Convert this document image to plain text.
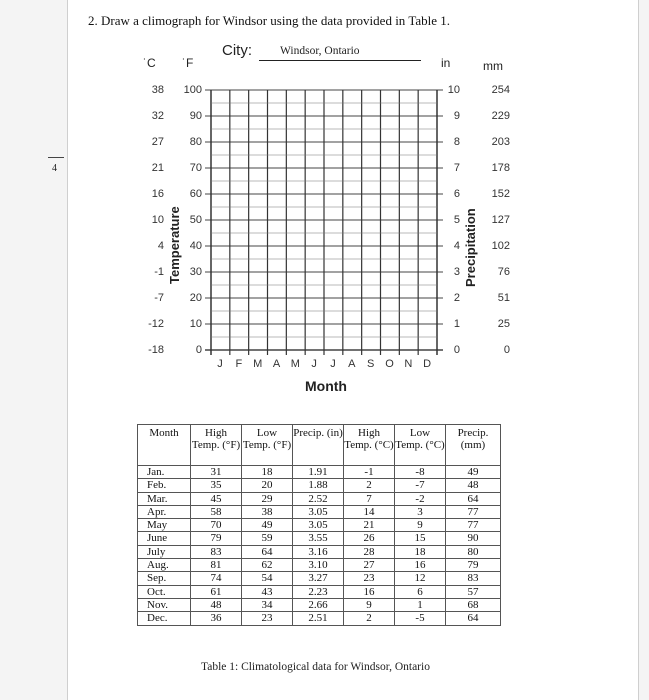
4
2. Draw a climograph for Windsor using the data provided in Table 1.
City: Windsor, Ontario
˙C ˙F	in	mm
38
32
27
21
16
10
4
-1
-7
-12
-18
100
90
80
70
60
50
40
30
20
10
0
10
9
8
7
6
5
4
3
2
1
0
254
229
203
178
152
127
102
76
51
25
0
Temperature	Precipitation
J F M A M J J A S O N D
Month
Month	High Temp. (°F)	Low Temp. (°F)	Precip. (in)	High Temp. (°C)	Low Temp. (°C)	Precip. (mm)
Jan.	31	18	1.91	-1	-8	49
Feb.	35	20	1.88	2	-7	48
Mar.	45	29	2.52	7	-2	64
Apr.	58	38	3.05	14	3	77
May	70	49	3.05	21	9	77
June	79	59	3.55	26	15	90
July	83	64	3.16	28	18	80
Aug.	81	62	3.10	27	16	79
Sep.	74	54	3.27	23	12	83
Oct.	61	43	2.23	16	6	57
Nov.	48	34	2.66	9	1	68
Dec.	36	23	2.51	2	-5	64
Table 1: Climatological data for Windsor, Ontario
